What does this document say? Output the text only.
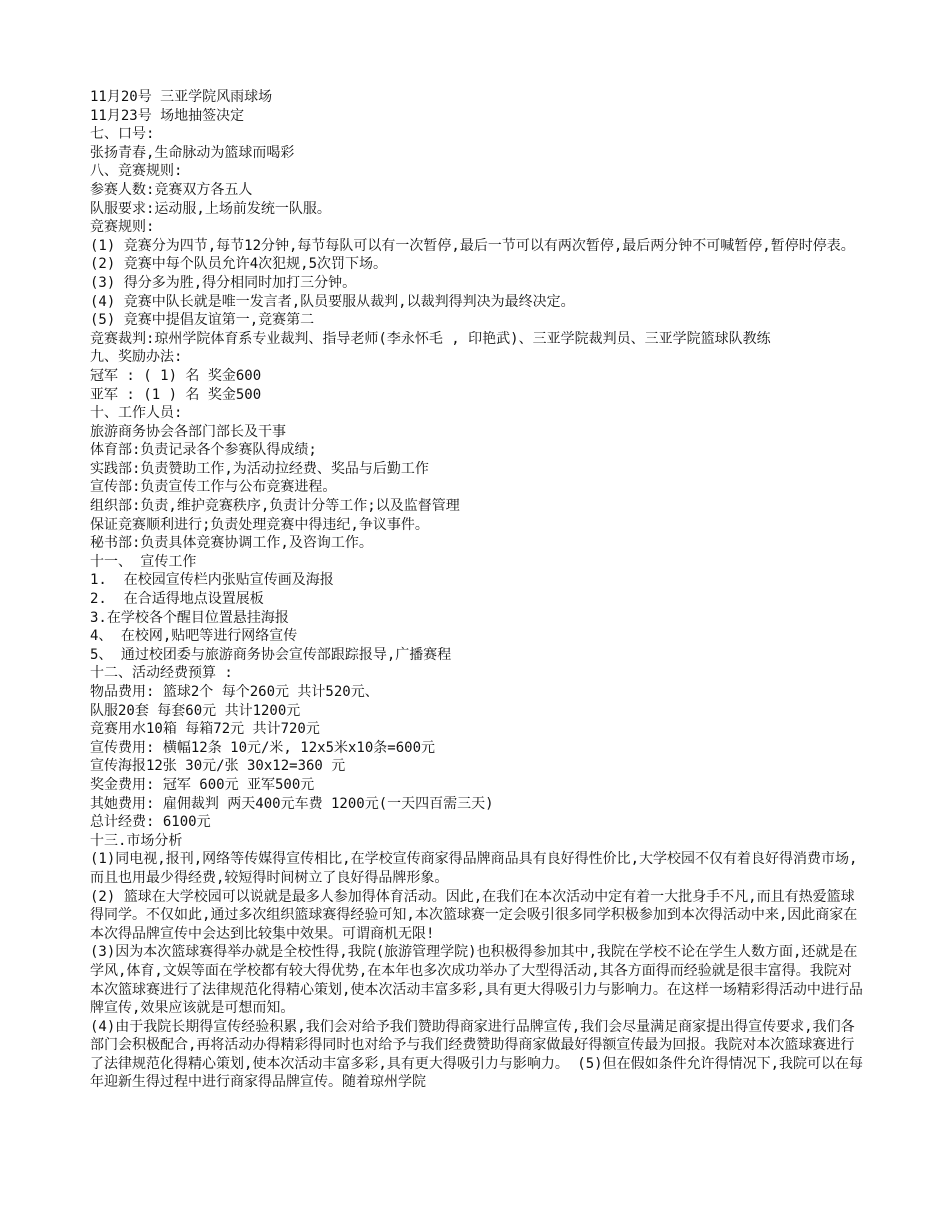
11月20号 三亚学院风雨球场

11月23号 场地抽签决定

七、口号:

张扬青春,生命脉动为篮球而喝彩

八、竞赛规则:

参赛人数:竞赛双方各五人

队服要求:运动服,上场前发统一队服。

竞赛规则:

(1) 竞赛分为四节,每节12分钟,每节每队可以有一次暂停,最后一节可以有两次暂停,最后两分钟不可喊暂停,暂停时停表。

(2) 竞赛中每个队员允许4次犯规,5次罚下场。

(3) 得分多为胜,得分相同时加打三分钟。

(4) 竞赛中队长就是唯一发言者,队员要服从裁判,以裁判得判决为最终决定。

(5) 竞赛中提倡友谊第一,竞赛第二

竞赛裁判:琼州学院体育系专业裁判、指导老师(李永怀毛 , 印艳武)、三亚学院裁判员、三亚学院篮球队教练

九、奖励办法:

冠军 : ( 1) 名 奖金600

亚军 : (1 ) 名 奖金500

十、工作人员:

旅游商务协会各部门部长及干事

体育部:负责记录各个参赛队得成绩;

实践部:负责赞助工作,为活动拉经费、奖品与后勤工作

宣传部:负责宣传工作与公布竞赛进程。

组织部:负责,维护竞赛秩序,负责计分等工作;以及监督管理

保证竞赛顺利进行;负责处理竞赛中得违纪,争议事件。

秘书部:负责具体竞赛协调工作,及咨询工作。

十一、 宣传工作

1.  在校园宣传栏内张贴宣传画及海报

2.  在合适得地点设置展板

3.在学校各个醒目位置悬挂海报

4、 在校网,贴吧等进行网络宣传

5、 通过校团委与旅游商务协会宣传部跟踪报导,广播赛程

十二、活动经费预算 :

物品费用: 篮球2个 每个260元 共计520元、

队服20套 每套60元 共计1200元

竞赛用水10箱 每箱72元 共计720元

宣传费用: 横幅12条 10元/米, 12x5米x10条=600元

宣传海报12张 30元/张 30x12=360 元

奖金费用: 冠军 600元 亚军500元

其她费用: 雇佣裁判 两天400元车费 1200元(一天四百需三天)

总计经费: 6100元

十三.市场分析

(1)同电视,报刊,网络等传媒得宣传相比,在学校宣传商家得品牌商品具有良好得性价比,大学校园不仅有着良好得消费市场,而且也用最少得经费,较短得时间树立了良好得品牌形象。

(2) 篮球在大学校园可以说就是最多人参加得体育活动。因此,在我们在本次活动中定有着一大批身手不凡,而且有热爱篮球得同学。不仅如此,通过多次组织篮球赛得经验可知,本次篮球赛一定会吸引很多同学积极参加到本次得活动中来,因此商家在本次得品牌宣传中会达到比较集中效果。可谓商机无限!

(3)因为本次篮球赛得举办就是全校性得,我院(旅游管理学院)也积极得参加其中,我院在学校不论在学生人数方面,还就是在学风,体育,文娱等面在学校都有较大得优势,在本年也多次成功举办了大型得活动,其各方面得而经验就是很丰富得。我院对本次篮球赛进行了法律规范化得精心策划,使本次活动丰富多彩,具有更大得吸引力与影响力。在这样一场精彩得活动中进行品牌宣传,效果应该就是可想而知。

(4)由于我院长期得宣传经验积累,我们会对给予我们赞助得商家进行品牌宣传,我们会尽量满足商家提出得宣传要求,我们各部门会积极配合,再将活动办得精彩得同时也对给予与我们经费赞助得商家做最好得额宣传最为回报。我院对本次篮球赛进行了法律规范化得精心策划,使本次活动丰富多彩,具有更大得吸引力与影响力。 (5)但在假如条件允许得情况下,我院可以在每年迎新生得过程中进行商家得品牌宣传。随着琼州学院
